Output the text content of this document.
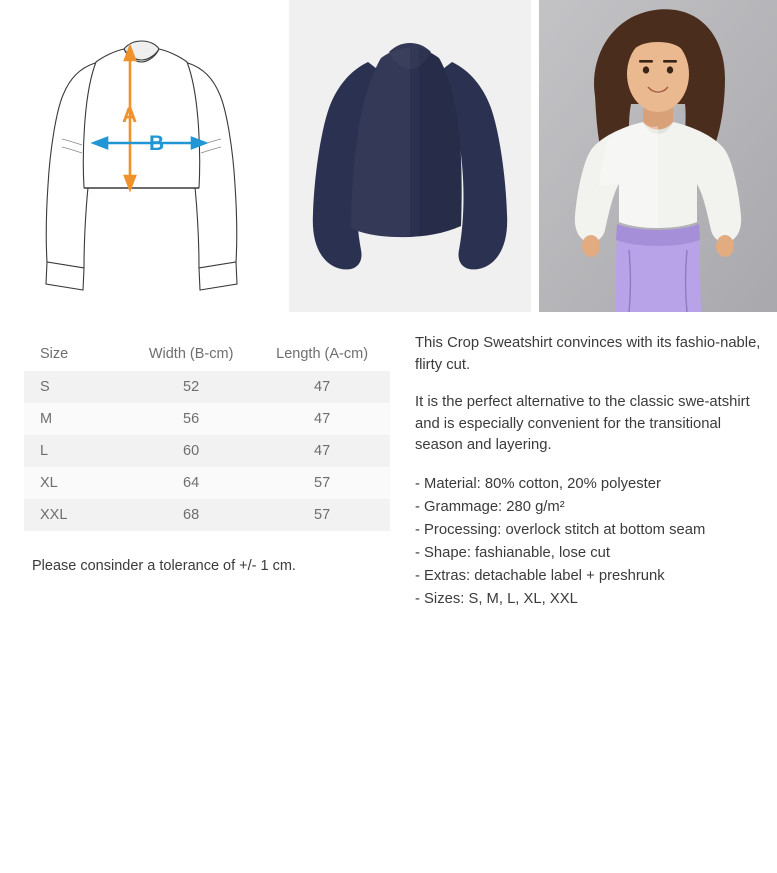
A
B
Size	Width (B-cm)	Length (A-cm)
S	52	47
M	56	47
L	60	47
XL	64	57
XXL	68	57
Please consinder a tolerance of +/- 1 cm.

This Crop Sweatshirt convinces with its fashio-nable, flirty cut.

It is the perfect alternative to the classic swe-atshirt and is especially convenient for the transitional season and layering.

- Material: 80% cotton, 20% polyester
- Grammage: 280 g/m²
- Processing: overlock stitch at bottom seam
- Shape: fashianable, lose cut
- Extras: detachable label + preshrunk
- Sizes: S, M, L, XL, XXL
